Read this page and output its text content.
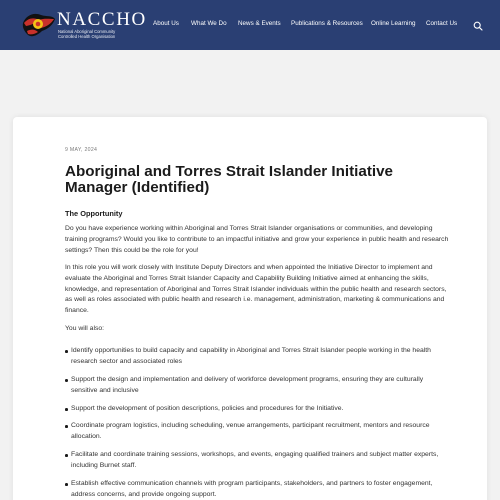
NACCHO
National Aboriginal Community
Controlled Health Organisation
About Us What We Do News & Events Publications & Resources Online Learning Contact Us
9 MAY, 2024
Aboriginal and Torres Strait Islander Initiative Manager (Identified)
The Opportunity

Do you have experience working within Aboriginal and Torres Strait Islander organisations or communities, and developing training programs? Would you like to contribute to an impactful initiative and grow your experience in public health and research settings? Then this could be the role for you!

In this role you will work closely with Institute Deputy Directors and when appointed the Initiative Director to implement and evaluate the Aboriginal and Torres Strait Islander Capacity and Capability Building Initiative aimed at enhancing the skills, knowledge, and representation of Aboriginal and Torres Strait Islander individuals within the public health and research sectors, as well as roles associated with public health and research i.e. management, administration, marketing & communications and finance.

You will also:

Identify opportunities to build capacity and capability in Aboriginal and Torres Strait Islander people working in the health research sector and associated roles
Support the design and implementation and delivery of workforce development programs, ensuring they are culturally sensitive and inclusive
Support the development of position descriptions, policies and procedures for the Initiative.
Coordinate program logistics, including scheduling, venue arrangements, participant recruitment, mentors and resource allocation.
Facilitate and coordinate training sessions, workshops, and events, engaging qualified trainers and subject matter experts, including Burnet staff.
Establish effective communication channels with program participants, stakeholders, and partners to foster engagement, address concerns, and provide ongoing support.
